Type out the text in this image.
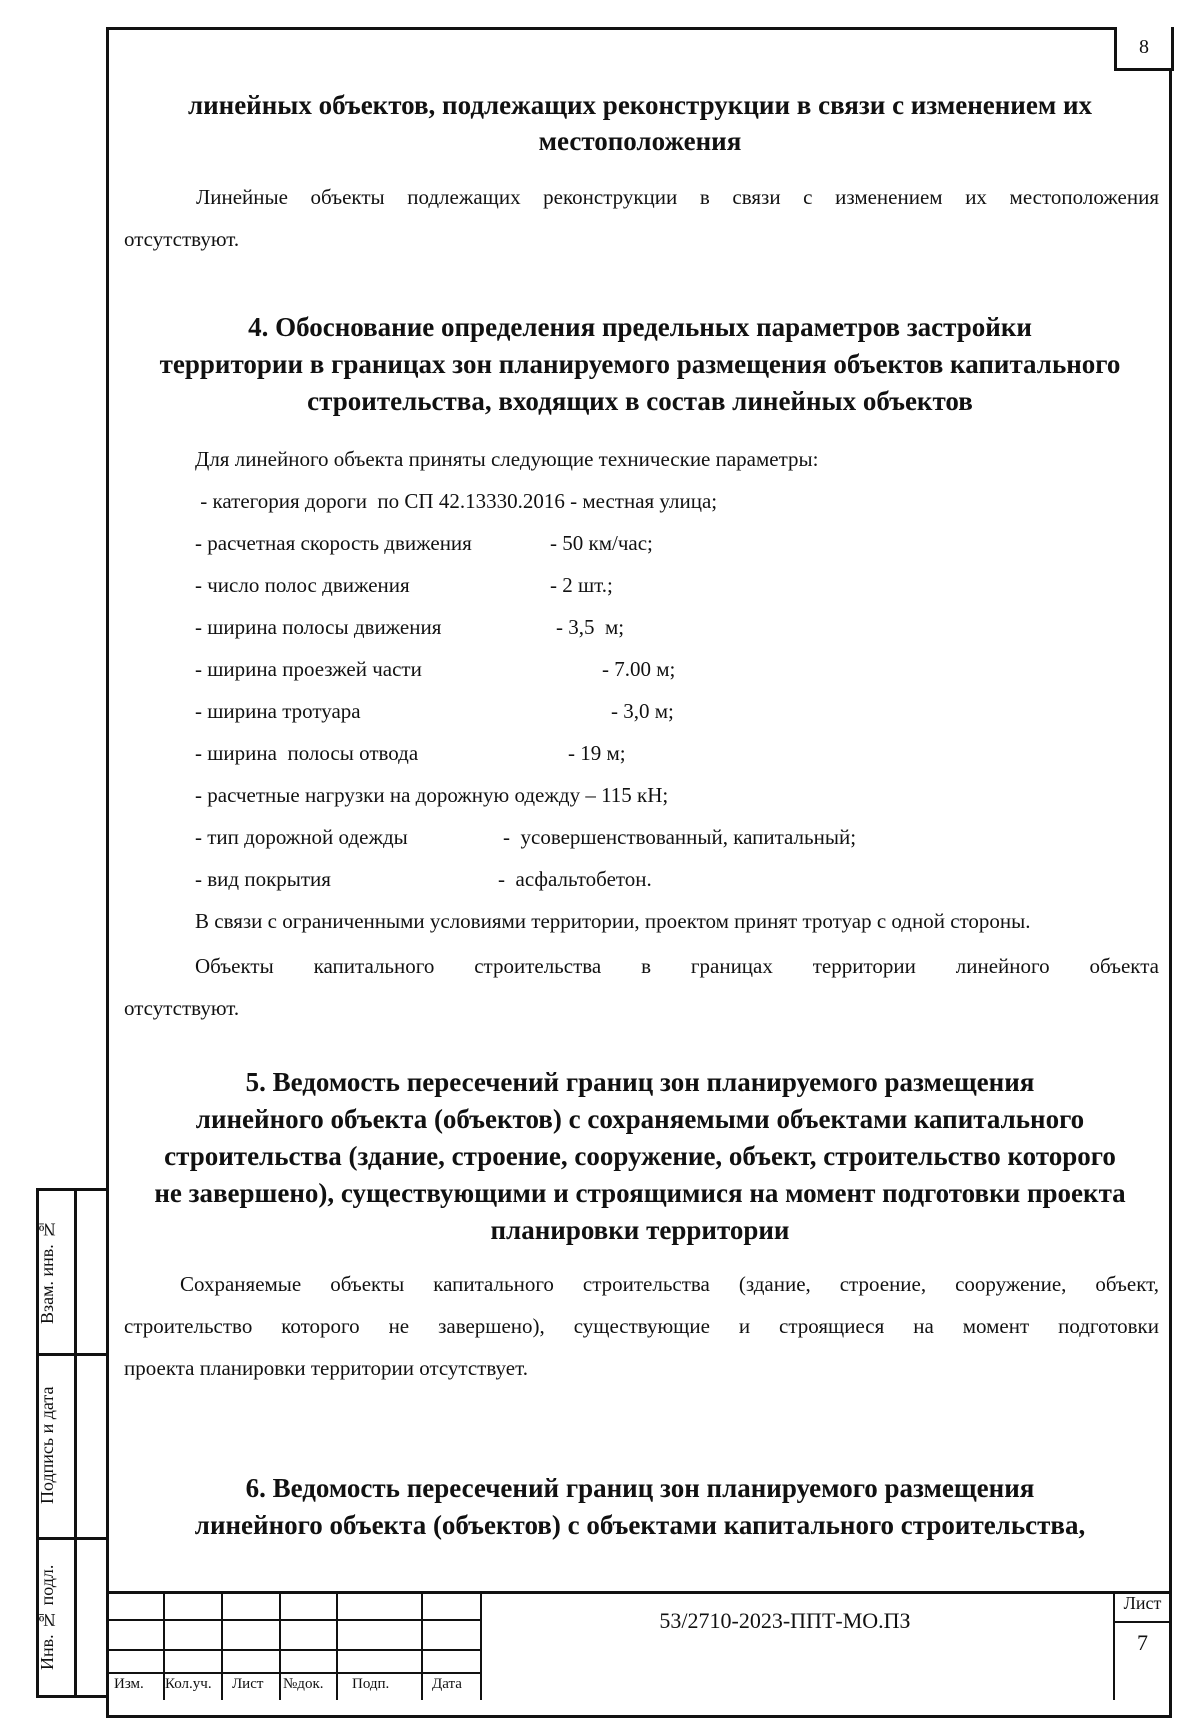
8
линейных объектов, подлежащих реконструкции в связи с изменением их
местоположения
Линейные объекты подлежащих реконструкции в связи с изменением их местоположения
отсутствуют.
4. Обоснование определения предельных параметров застройки
территории в границах зон планируемого размещения объектов капитального
строительства, входящих в состав линейных объектов
Для линейного объекта приняты следующие технические параметры:
- категория дороги  по СП 42.13330.2016 - местная улица;
- расчетная скорость движения	- 50 км/час;
- число полос движения	- 2 шт.;
- ширина полосы движения	- 3,5  м;
- ширина проезжей части	- 7.00 м;
- ширина тротуара	- 3,0 м;
- ширина  полосы отвода	- 19 м;
- расчетные нагрузки на дорожную одежду – 115 кН;
- тип дорожной одежды	-  усовершенствованный, капитальный;
- вид покрытия	-  асфальтобетон.
В связи с ограниченными условиями территории, проектом принят тротуар с одной стороны.
Объекты капитального строительства в границах территории линейного объекта
отсутствуют.
5. Ведомость пересечений границ зон планируемого размещения
линейного объекта (объектов) с сохраняемыми объектами капитального
строительства (здание, строение, сооружение, объект, строительство которого
не завершено), существующими и строящимися на момент подготовки проекта
планировки территории
Сохраняемые объекты капитального строительства (здание, строение, сооружение, объект,
строительство которого не завершено), существующие и строящиеся на момент подготовки
проекта планировки территории отсутствует.
6. Ведомость пересечений границ зон планируемого размещения
линейного объекта (объектов) с объектами капитального строительства,
Взам. инв. №
Подпись и дата
Инв. № подл.
Изм. Кол.уч. Лист №док. Подп.	Дата
53/2710-2023-ППТ-МО.ПЗ
Лист
7
